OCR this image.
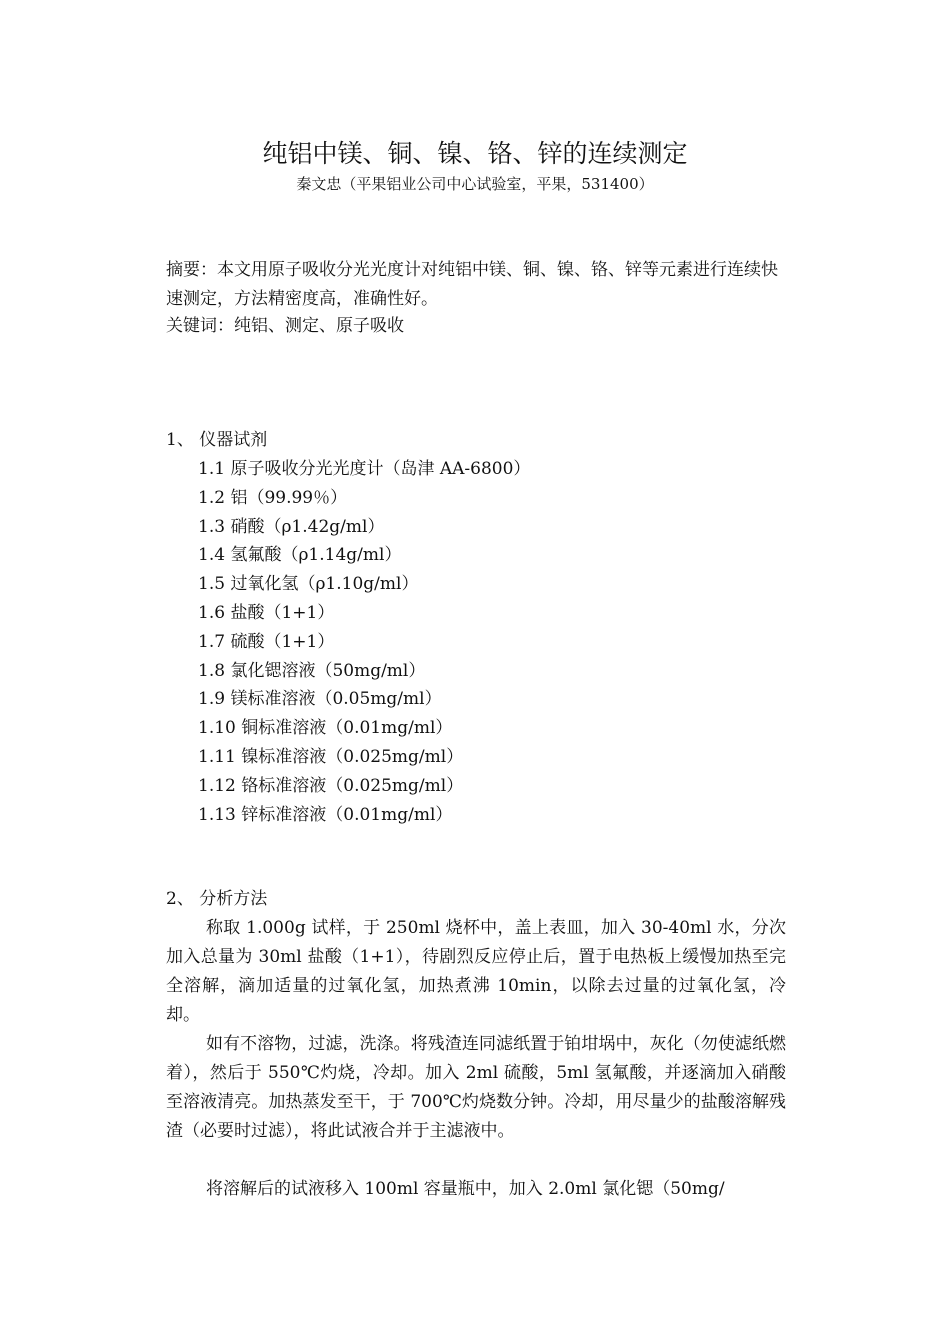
纯铝中镁、铜、镍、铬、锌的连续测定
秦文忠（平果铝业公司中心试验室，平果，531400）
摘要：本文用原子吸收分光光度计对纯铝中镁、铜、镍、铬、锌等元素进行连续快速测定，方法精密度高，准确性好。
关键词：纯铝、测定、原子吸收
1、 仪器试剂
1.1 原子吸收分光光度计（岛津 AA-6800）
1.2 铝（99.99％）
1.3 硝酸（ρ1.42g/ml）
1.4 氢氟酸（ρ1.14g/ml）
1.5 过氧化氢（ρ1.10g/ml）
1.6 盐酸（1+1）
1.7 硫酸（1+1）
1.8 氯化锶溶液（50mg/ml）
1.9 镁标准溶液（0.05mg/ml）
1.10 铜标准溶液（0.01mg/ml）
1.11 镍标准溶液（0.025mg/ml）
1.12 铬标准溶液（0.025mg/ml）
1.13 锌标准溶液（0.01mg/ml）
2、 分析方法

称取 1.000g 试样，于 250ml 烧杯中，盖上表皿，加入 30-40ml 水，分次加入总量为 30ml 盐酸（1+1），待剧烈反应停止后，置于电热板上缓慢加热至完全溶解，滴加适量的过氧化氢，加热煮沸 10min，以除去过量的过氧化氢，冷却。

如有不溶物，过滤，洗涤。将残渣连同滤纸置于铂坩埚中，灰化（勿使滤纸燃着），然后于 550℃灼烧，冷却。加入 2ml 硫酸，5ml 氢氟酸，并逐滴加入硝酸至溶液清亮。加热蒸发至干，于 700℃灼烧数分钟。冷却，用尽量少的盐酸溶解残渣（必要时过滤），将此试液合并于主滤液中。

将溶解后的试液移入 100ml 容量瓶中，加入 2.0ml 氯化锶（50mg/
